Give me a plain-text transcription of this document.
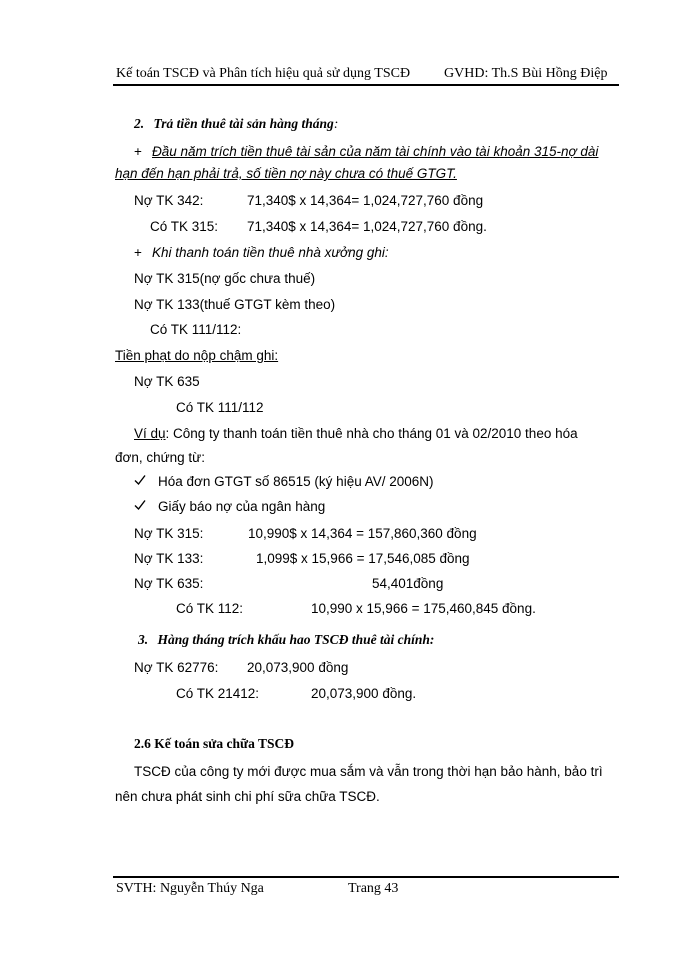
Kế toán TSCĐ và Phân tích hiệu quả sử dụng TSCĐ GVHD: Th.S Bùi Hồng Điệp
2. Trả tiền thuê tài sản hàng tháng:
+ Đầu năm trích tiền thuê tài sản của năm tài chính vào tài khoản 315-nợ dài
hạn đến hạn phải trả, số tiền nợ này chưa có thuế GTGT.
Nợ TK 342:	71,340$ x 14,364= 1,024,727,760 đồng
Có TK 315: 71,340$ x 14,364= 1,024,727,760 đồng.
+ Khi thanh toán tiền thuê nhà xưởng ghi:
Nợ TK 315(nợ gốc chưa thuế)
Nợ TK 133(thuế GTGT kèm theo)
Có TK 111/112:
Tiền phạt do nộp chậm ghi:
Nợ TK 635
Có TK 111/112
Ví dụ: Công ty thanh toán tiền thuê nhà cho tháng 01 và 02/2010 theo hóa
đơn, chứng từ:
Hóa đơn GTGT số 86515 (ký hiệu AV/ 2006N)
Giấy báo nợ của ngân hàng
Nợ TK 315:	10,990$ x 14,364 = 157,860,360 đồng
Nợ TK 133:	1,099$ x 15,966 = 17,546,085 đồng
Nợ TK 635:	54,401đồng
Có TK 112:	10,990 x 15,966 = 175,460,845 đồng.
3. Hàng tháng trích khấu hao TSCĐ thuê tài chính:
Nợ TK 62776: 20,073,900 đồng
Có TK 21412:	20,073,900 đồng.
2.6 Kế toán sửa chữa TSCĐ
TSCĐ của công ty mới được mua sắm và vẫn trong thời hạn bảo hành, bảo trì
nên chưa phát sinh chi phí sữa chữa TSCĐ.
SVTH: Nguyễn Thúy Nga	Trang 43
